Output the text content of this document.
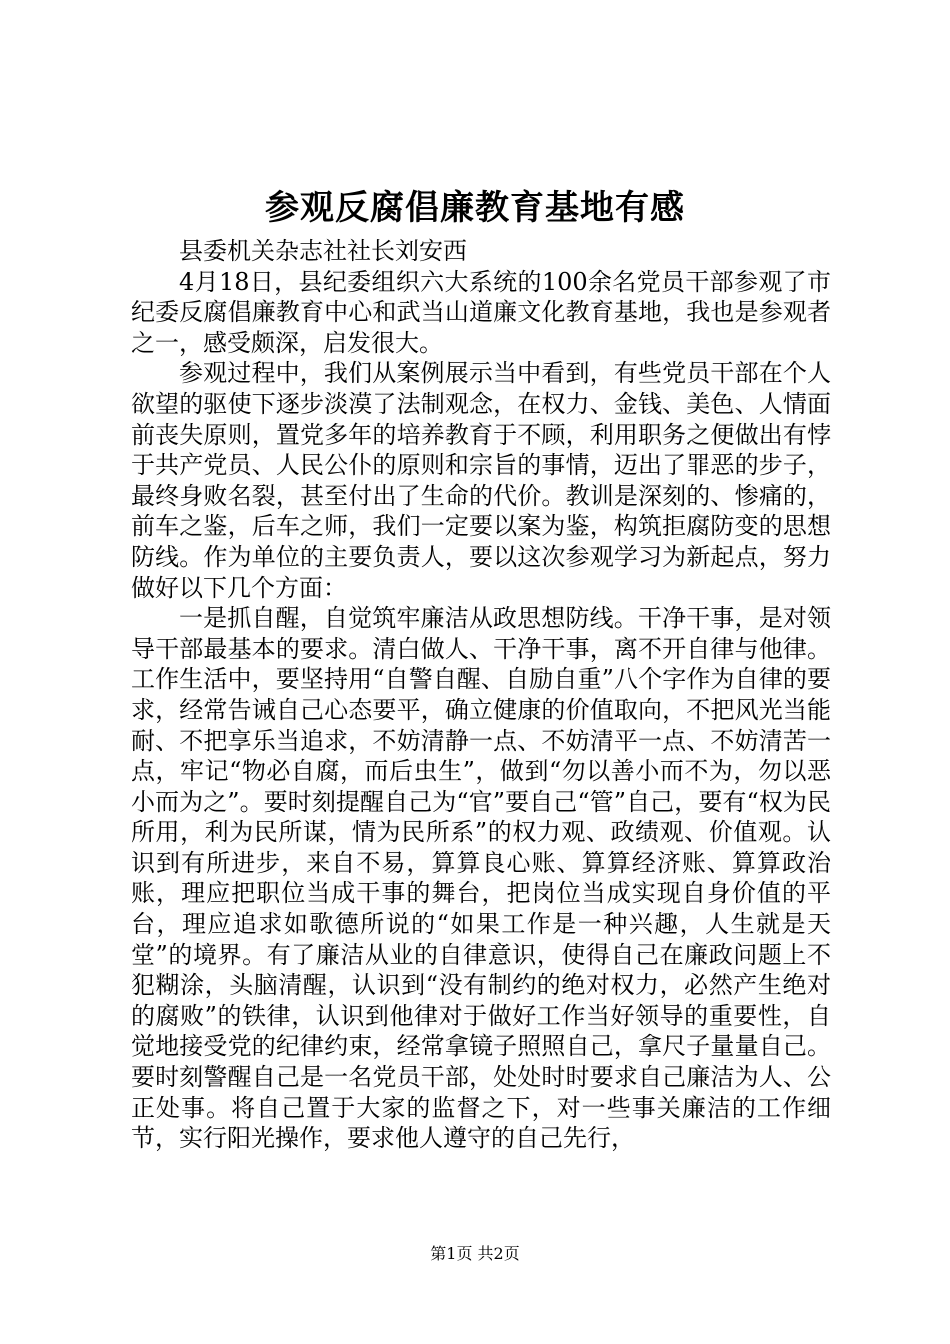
参观反腐倡廉教育基地有感

县委机关杂志社社长刘安西

4月18日，县纪委组织六大系统的100余名党员干部参观了市纪委反腐倡廉教育中心和武当山道廉文化教育基地，我也是参观者之一，感受颇深，启发很大。

参观过程中，我们从案例展示当中看到，有些党员干部在个人欲望的驱使下逐步淡漠了法制观念，在权力、金钱、美色、人情面前丧失原则，置党多年的培养教育于不顾，利用职务之便做出有悖于共产党员、人民公仆的原则和宗旨的事情，迈出了罪恶的步子，最终身败名裂，甚至付出了生命的代价。教训是深刻的、惨痛的，前车之鉴，后车之师，我们一定要以案为鉴，构筑拒腐防变的思想防线。作为单位的主要负责人，要以这次参观学习为新起点，努力做好以下几个方面：

一是抓自醒，自觉筑牢廉洁从政思想防线。干净干事，是对领导干部最基本的要求。清白做人、干净干事，离不开自律与他律。工作生活中，要坚持用“自警自醒、自励自重”八个字作为自律的要求，经常告诫自己心态要平，确立健康的价值取向，不把风光当能耐、不把享乐当追求，不妨清静一点、不妨清平一点、不妨清苦一点，牢记“物必自腐，而后虫生”，做到“勿以善小而不为，勿以恶小而为之”。要时刻提醒自己为“官”要自己“管”自己，要有“权为民所用，利为民所谋，情为民所系”的权力观、政绩观、价值观。认识到有所进步，来自不易，算算良心账、算算经济账、算算政治账，理应把职位当成干事的舞台，把岗位当成实现自身价值的平台，理应追求如歌德所说的“如果工作是一种兴趣，人生就是天堂”的境界。有了廉洁从业的自律意识，使得自己在廉政问题上不犯糊涂，头脑清醒，认识到“没有制约的绝对权力，必然产生绝对的腐败”的铁律，认识到他律对于做好工作当好领导的重要性，自觉地接受党的纪律约束，经常拿镜子照照自己，拿尺子量量自己。要时刻警醒自己是一名党员干部，处处时时要求自己廉洁为人、公正处事。将自己置于大家的监督之下，对一些事关廉洁的工作细节，实行阳光操作，要求他人遵守的自己先行，

第1页 共2页
